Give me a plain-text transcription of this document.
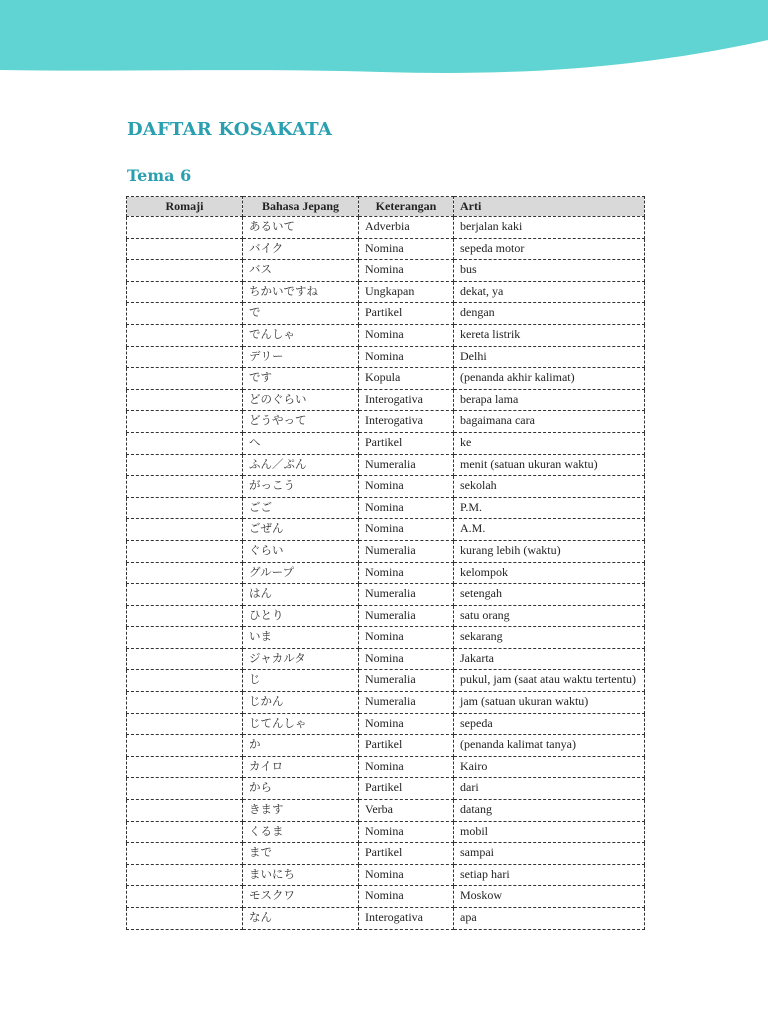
DAFTAR KOSAKATA
Tema 6
Romaji	Bahasa Jepang	Keterangan	Arti
	あるいて	Adverbia	berjalan kaki
	バイク	Nomina	sepeda motor
	バス	Nomina	bus
	ちかいですね	Ungkapan	dekat, ya
	で	Partikel	dengan
	でんしゃ	Nomina	kereta listrik
	デリー	Nomina	Delhi
	です	Kopula	(penanda akhir kalimat)
	どのぐらい	Interogativa	berapa lama
	どうやって	Interogativa	bagaimana cara
	へ	Partikel	ke
	ふん／ぷん	Numeralia	menit (satuan ukuran waktu)
	がっこう	Nomina	sekolah
	ごご	Nomina	P.M.
	ごぜん	Nomina	A.M.
	ぐらい	Numeralia	kurang lebih (waktu)
	グループ	Nomina	kelompok
	はん	Numeralia	setengah
	ひとり	Numeralia	satu orang
	いま	Nomina	sekarang
	ジャカルタ	Nomina	Jakarta
	じ	Numeralia	pukul, jam (saat atau waktu tertentu)
	じかん	Numeralia	jam (satuan ukuran waktu)
	じてんしゃ	Nomina	sepeda
	か	Partikel	(penanda kalimat tanya)
	カイロ	Nomina	Kairo
	から	Partikel	dari
	きます	Verba	datang
	くるま	Nomina	mobil
	まで	Partikel	sampai
	まいにち	Nomina	setiap hari
	モスクワ	Nomina	Moskow
	なん	Interogativa	apa
